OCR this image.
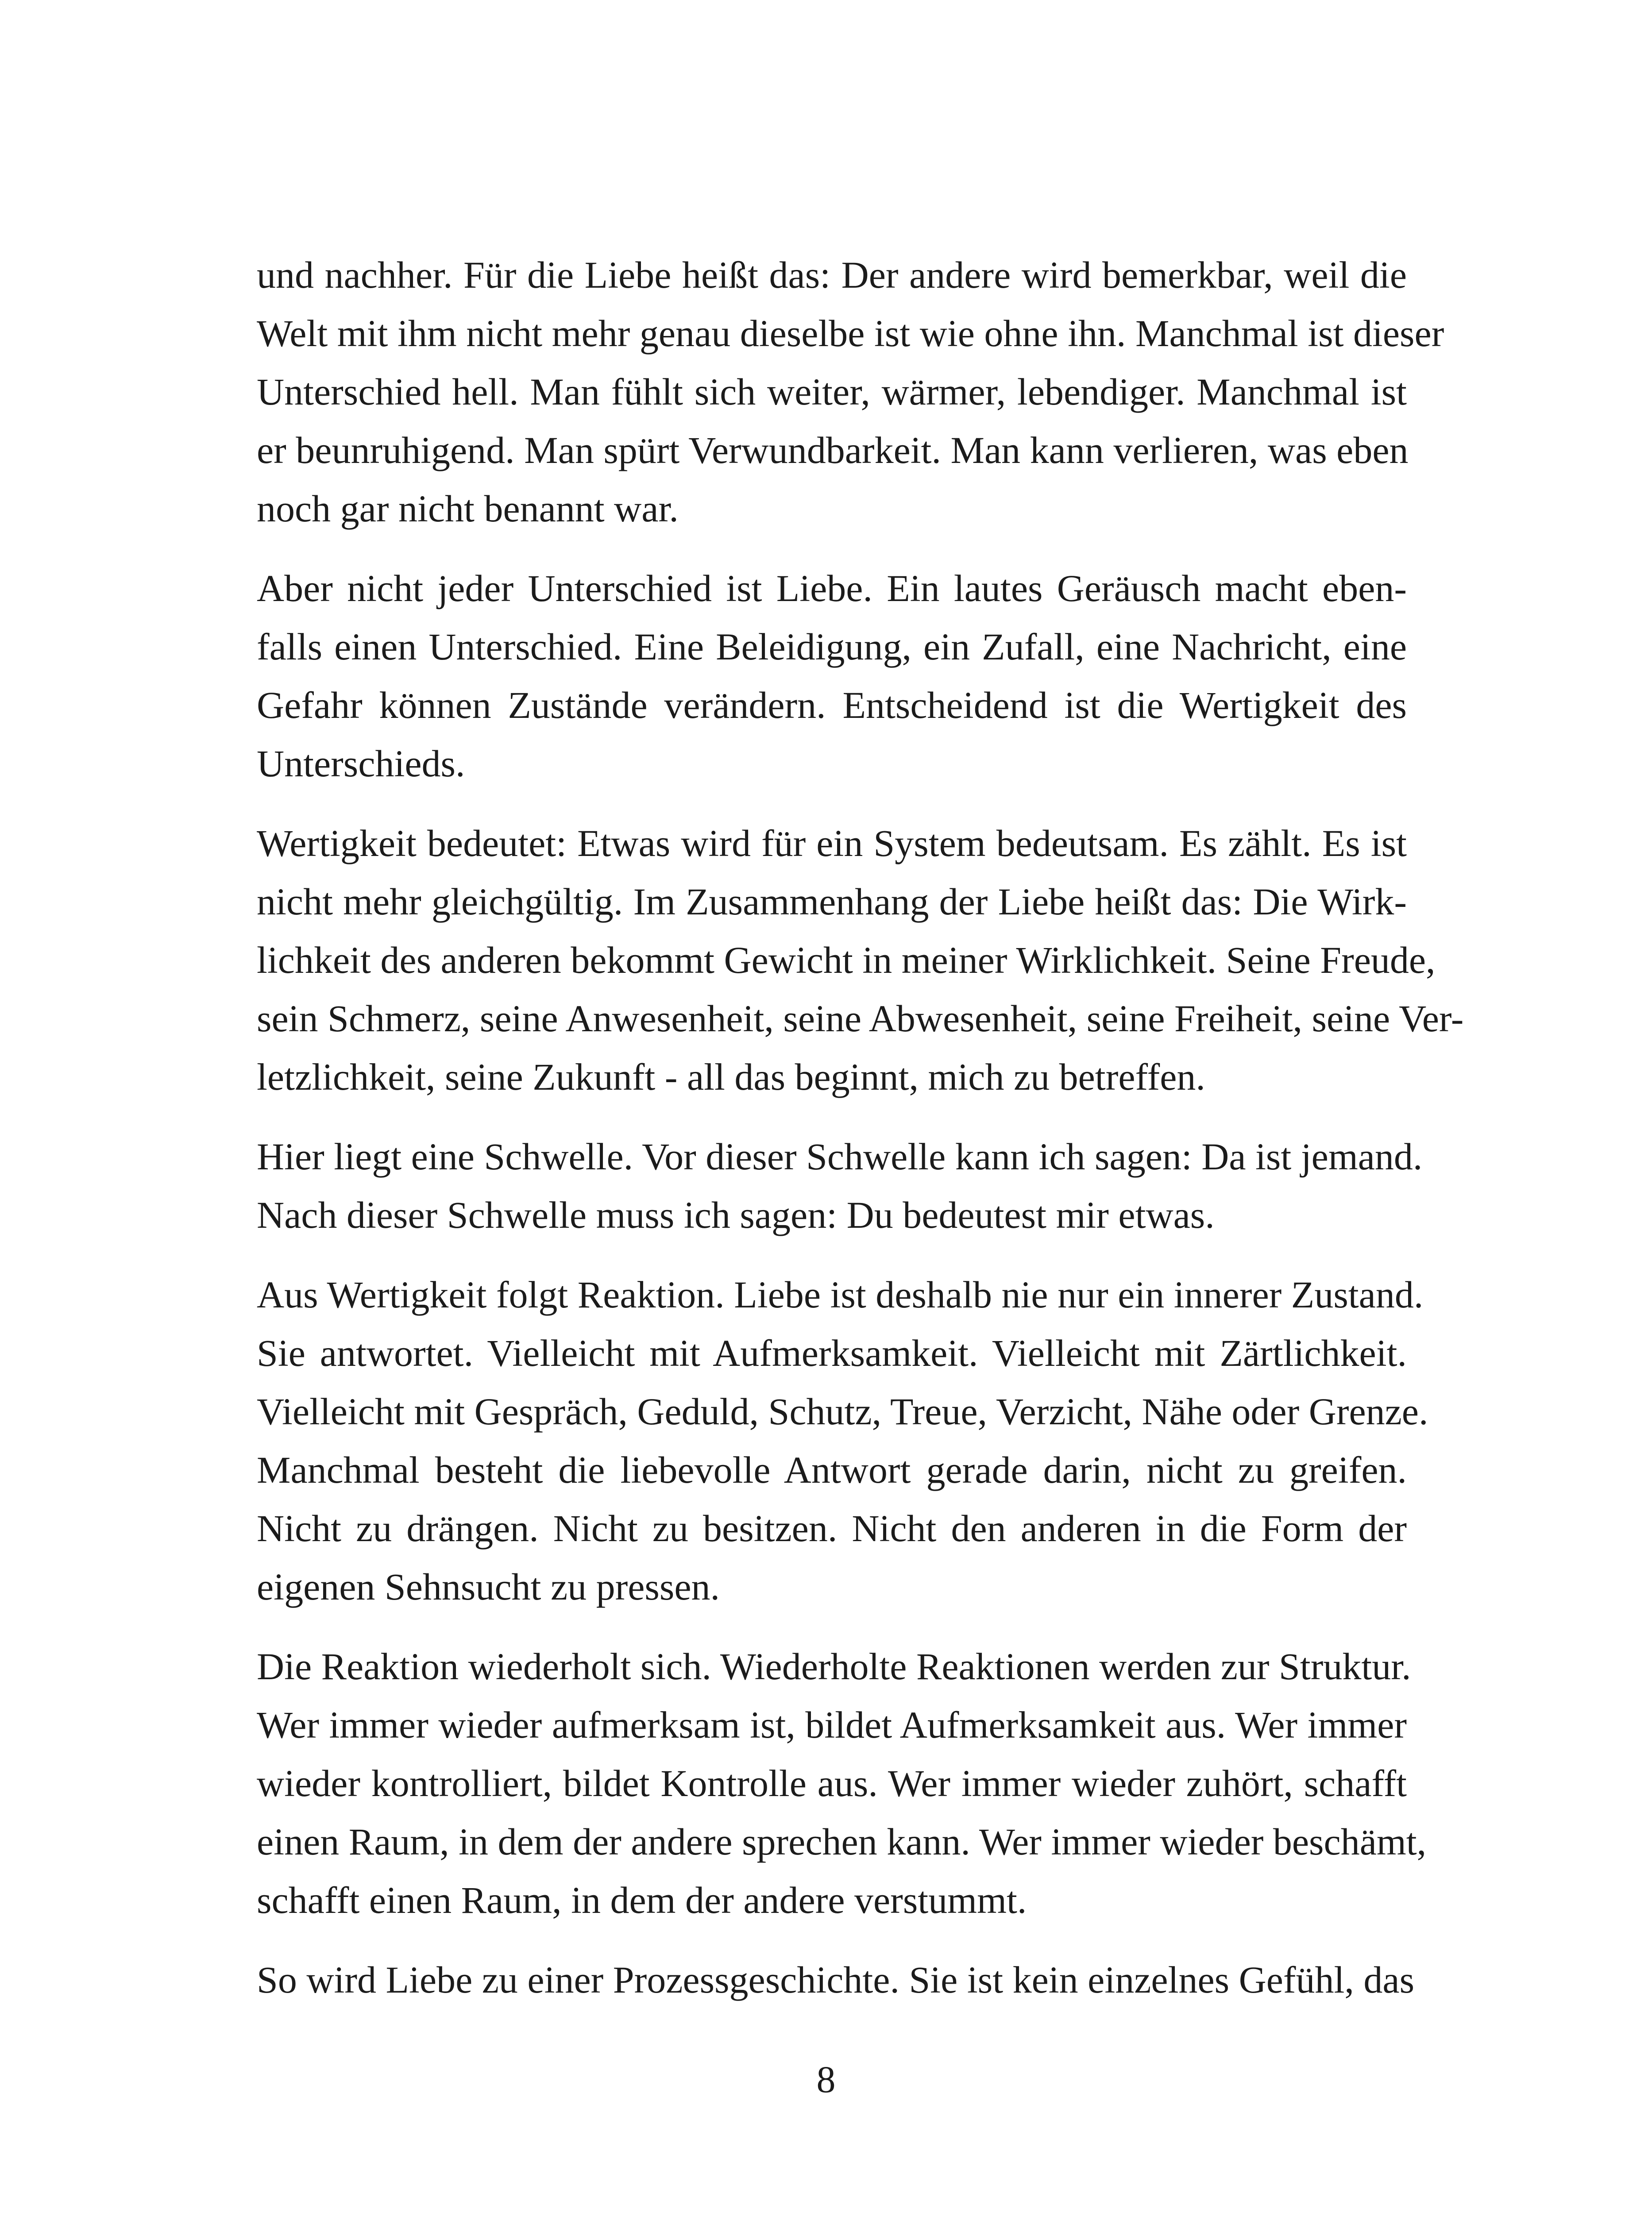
und nachher. Für die Liebe heißt das: Der andere wird bemerkbar, weil die
Welt mit ihm nicht mehr genau dieselbe ist wie ohne ihn. Manchmal ist dieser
Unterschied hell. Man fühlt sich weiter, wärmer, lebendiger. Manchmal ist
er beunruhigend. Man spürt Verwundbarkeit. Man kann verlieren, was eben
noch gar nicht benannt war.
Aber nicht jeder Unterschied ist Liebe. Ein lautes Geräusch macht eben-
falls einen Unterschied. Eine Beleidigung, ein Zufall, eine Nachricht, eine
Gefahr können Zustände verändern. Entscheidend ist die Wertigkeit des
Unterschieds.
Wertigkeit bedeutet: Etwas wird für ein System bedeutsam. Es zählt. Es ist
nicht mehr gleichgültig. Im Zusammenhang der Liebe heißt das: Die Wirk-
lichkeit des anderen bekommt Gewicht in meiner Wirklichkeit. Seine Freude,
sein Schmerz, seine Anwesenheit, seine Abwesenheit, seine Freiheit, seine Ver-
letzlichkeit, seine Zukunft - all das beginnt, mich zu betreffen.
Hier liegt eine Schwelle. Vor dieser Schwelle kann ich sagen: Da ist jemand.
Nach dieser Schwelle muss ich sagen: Du bedeutest mir etwas.
Aus Wertigkeit folgt Reaktion. Liebe ist deshalb nie nur ein innerer Zustand.
Sie antwortet. Vielleicht mit Aufmerksamkeit. Vielleicht mit Zärtlichkeit.
Vielleicht mit Gespräch, Geduld, Schutz, Treue, Verzicht, Nähe oder Grenze.
Manchmal besteht die liebevolle Antwort gerade darin, nicht zu greifen.
Nicht zu drängen. Nicht zu besitzen. Nicht den anderen in die Form der
eigenen Sehnsucht zu pressen.
Die Reaktion wiederholt sich. Wiederholte Reaktionen werden zur Struktur.
Wer immer wieder aufmerksam ist, bildet Aufmerksamkeit aus. Wer immer
wieder kontrolliert, bildet Kontrolle aus. Wer immer wieder zuhört, schafft
einen Raum, in dem der andere sprechen kann. Wer immer wieder beschämt,
schafft einen Raum, in dem der andere verstummt.
So wird Liebe zu einer Prozessgeschichte. Sie ist kein einzelnes Gefühl, das
8
